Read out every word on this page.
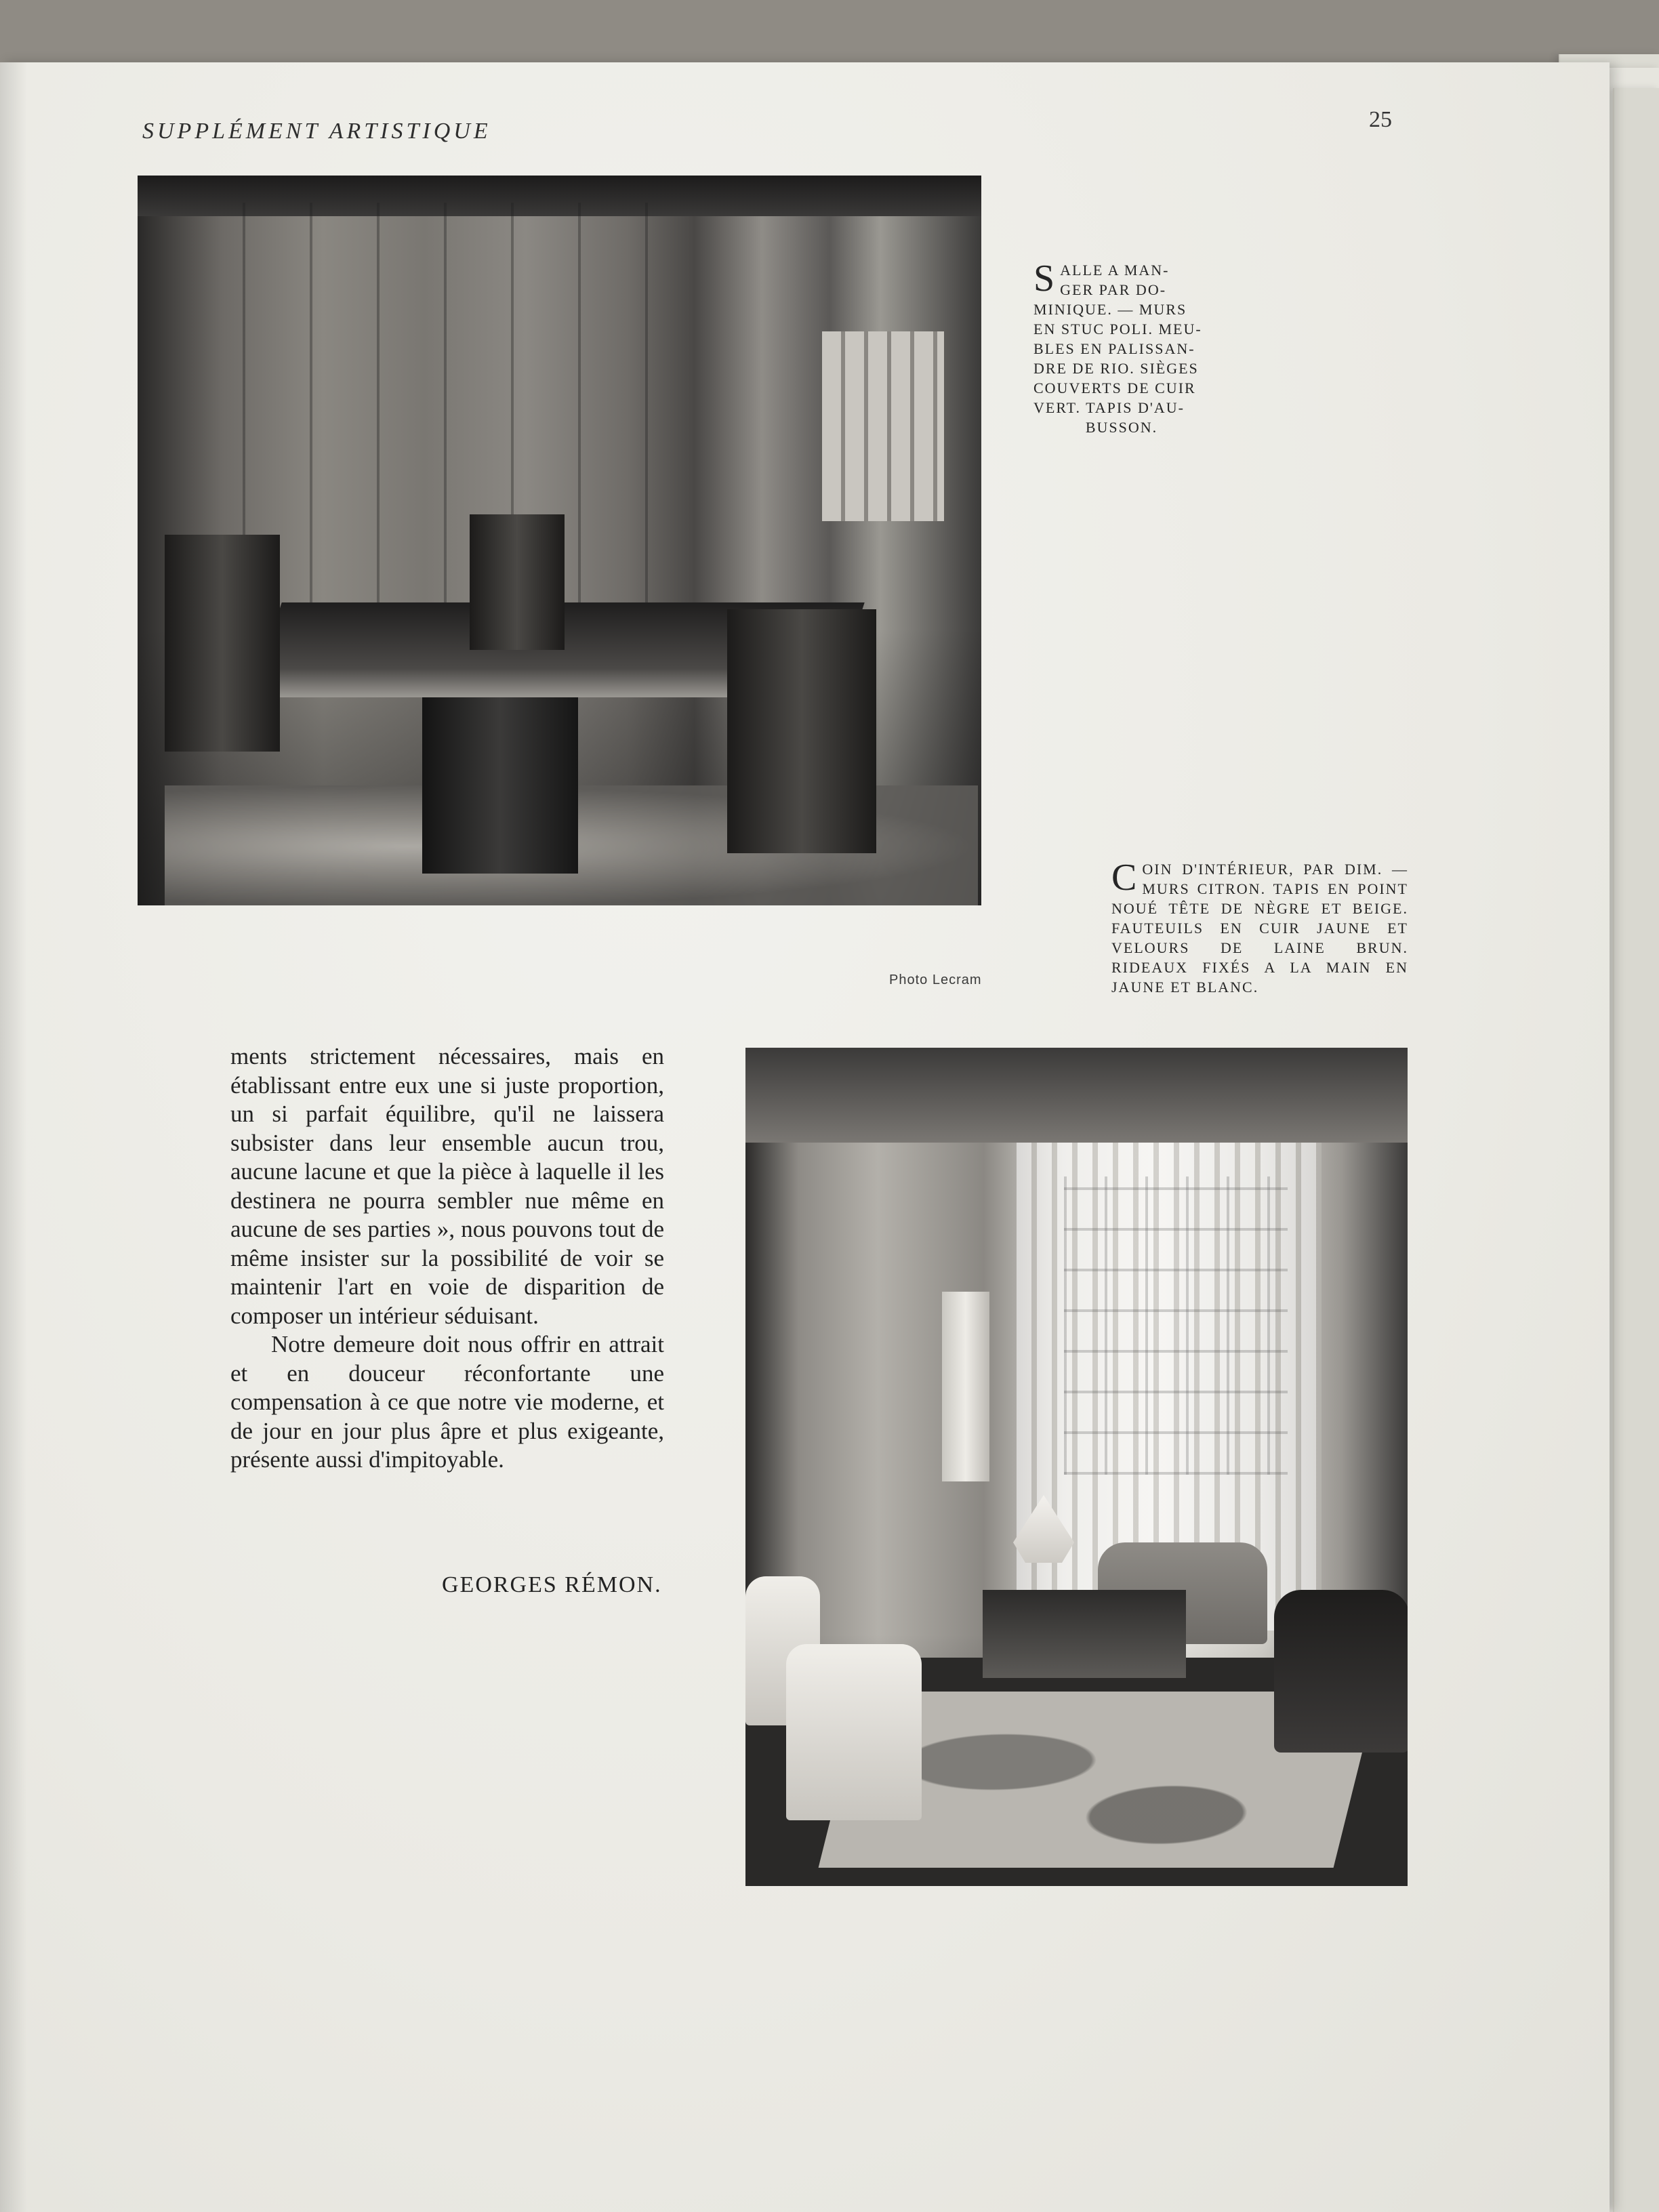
SUPPLÉMENT ARTISTIQUE	25
Photo Lecram
S ALLE A MAN-
GER PAR DO-
MINIQUE. — MURS
EN STUC POLI. MEU-
BLES EN PALISSAN-
DRE DE RIO. SIÈGES
COUVERTS DE CUIR
VERT. TAPIS D'AU-
BUSSON.
COIN D'INTÉRIEUR, PAR DIM. — MURS CITRON. TAPIS EN POINT NOUÉ TÊTE DE NÈGRE ET BEIGE. FAUTEUILS EN CUIR JAUNE ET VELOURS DE LAINE BRUN. RIDEAUX FIXÉS A LA MAIN EN JAUNE ET BLANC.

ments strictement nécessaires, mais en établissant entre eux une si juste proportion, un si parfait équilibre, qu'il ne laissera subsister dans leur ensemble aucun trou, aucune lacune et que la pièce à laquelle il les destinera ne pourra sembler nue même en aucune de ses parties », nous pouvons tout de même insister sur la possibilité de voir se maintenir l'art en voie de disparition de composer un intérieur séduisant.

Notre demeure doit nous offrir en attrait et en douceur réconfortante une compensation à ce que notre vie moderne, et de jour en jour plus âpre et plus exigeante, présente aussi d'impitoyable.

GEORGES RÉMON.
